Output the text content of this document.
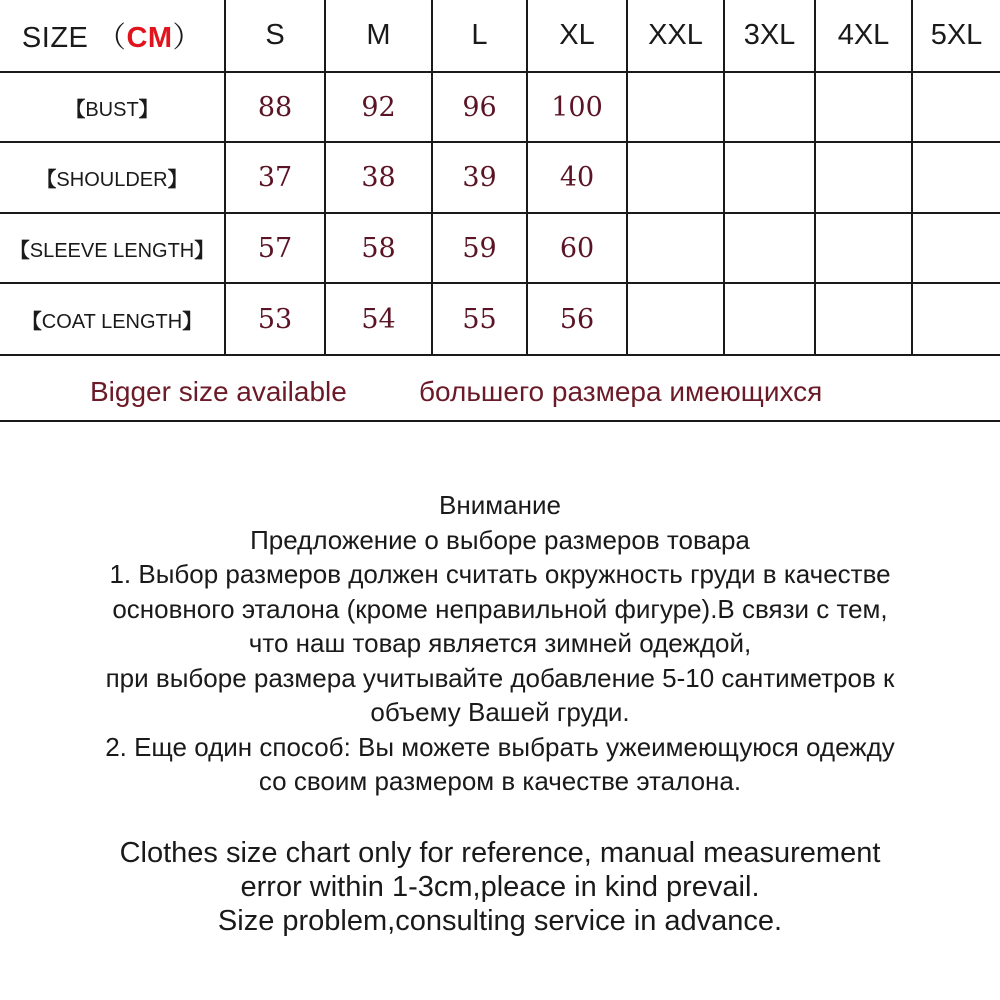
SIZE （CM） S	M	L XL XXL 3XL 4XL 5XL
【BUST】	88	92 96 100
【SHOULDER】	37	38 39 40
【SLEEVE LENGTH】 57	58 59 60
【COAT LENGTH】 53	54 55 56
Bigger size available	большего размера имеющихся
Внимание
Предложение о выборе размеров товара
1. Выбор размеров должен считать окружность груди в качестве
основного эталона (кроме неправильной фигуре).В связи с тем,
что наш товар является зимней одеждой,
при выборе размера учитывайте добавление 5-10 сантиметров к
объему Вашей груди.
2. Еще один способ: Вы можете выбрать ужеимеющуюся одежду
со своим размером в качестве эталона.
Clothes size chart only for reference, manual measurement
error within 1-3cm,pleace in kind prevail.
Size problem,consulting service in advance.
